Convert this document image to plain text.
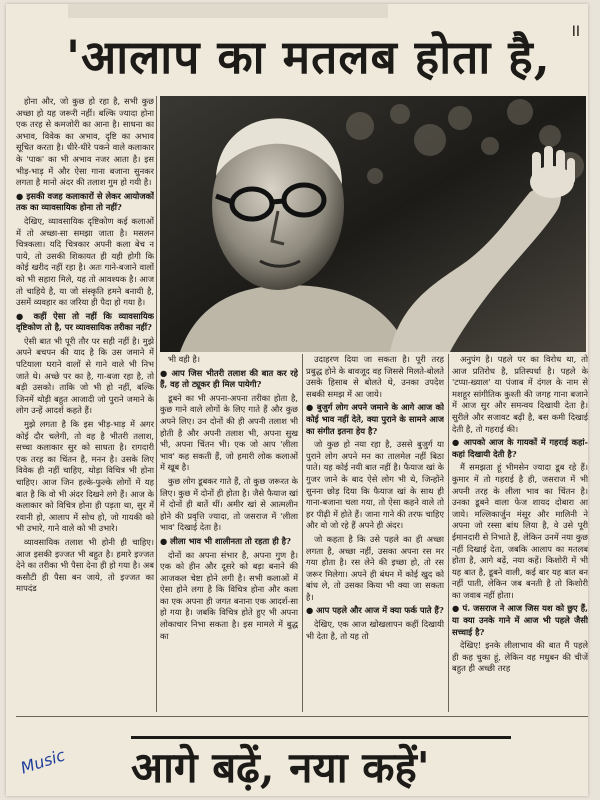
'आलाप का मतलब होता है,	II

होना और, जो कुछ हो रहा है, सभी कुछ अच्छा हो यह जरूरी नहीं। बल्कि ज्यादा होना एक तरह से कमजोरी का आना है। साधना का अभाव, विवेक का अभाव, दृष्टि का अभाव सूचित करता है। धीरे-धीरे पकने वाले कलाकार के 'पाक' का भी अभाव नजर आता है। इस भीड़-भाड़ में और ऐसा गाना बजाना सुनकर लगता है मानो अंदर की तलाश गुम हो गयी है।

● इसकी वजह कलाकारों से लेकर आयोजकों तक का व्यावसायिक होना तो नहीं?

देखिए, व्यावसायिक दृष्टिकोण कई कलाओं में तो अच्छा-सा समझा जाता है। मसलन चित्रकला। यदि चित्रकार अपनी कला बेच न पाये, तो उसकी शिकायत ही यही होगी कि कोई खरीद नहीं रहा है। अतः गाने-बजाने वालों को भी सहारा मिले, यह तो आवश्यक है। आज तो चाहिये है, या जो संस्कृति हमने बनायी है, उसमें व्यवहार का जरिया ही पैदा हो गया है।

● कहीं ऐसा तो नहीं कि व्यावसायिक दृष्टिकोण तो है, पर व्यावसायिक तरीका नहीं?

ऐसी बात भी पूरी तौर पर सही नहीं है। मुझे अपने बचपन की याद है कि उस जमाने में पटियाला घराने वालों से गाने वाले भी निभ जाते थे। अच्छे पर का है, गा-बजा रहा है, तो बड़ी उसको। ताकि जो भी हो नहीं, बल्कि जिनमें थोड़ी बहुत आजादी जो पुराने जमाने के लोग उन्हें आदर्श कहते हैं।

मुझे लगता है कि इस भीड़-भाड़ में अगर कोई दौर चलेगी, तो वह है भीतरी तलाश, सच्चा कलाकार सुर को साधता है। रागदारी एक तरह का चिंतन है, मनन है। उसके लिए विवेक ही नहीं चाहिए, थोड़ा विचित्र भी होना चाहिए। आज जिन हल्के-फुल्के लोगों में यह बात है कि वो भी अंदर दिखने लगे हैं। आज के कलाकार को विचित्र होना ही पड़ता था, सुर में रवानी हो, आलाप में सोच हो, जो गायकी को भी उभारे, गाने वाले को भी उभारे।

व्यावसायिक तलाश भी होनी ही चाहिए। आज इसकी इज्जत भी बहुत है। हमारे इज्जत देने का तरीका भी पैसा देना ही हो गया है। अब कसौटी ही पैसा बन जाये, तो इज्जत का मापदंड

भी वही है।

● आप जिस भीतरी तलाश की बात कर रहे हैं, वह तो ट्यूकर ही मिल पायेगी?

डूबने का भी अपना-अपना तरीका होता है, कुछ गाने वाले लोगों के लिए गाते हैं और कुछ अपने लिए। उन दोनों की ही अपनी तलाश भी होती है और अपनी तलाश भी, अपना सुख भी, अपना चिंतन भी। एक जो आप 'लीला भाव' कह सकती हैं, जो हमारी लोक कलाओं में खूब है।

कुछ लोग डूबकर गाते हैं, तो कुछ जरूरत के लिए। कुछ में दोनों ही होता है। जैसे फैयाज खां में दोनों ही बातें थीं। अमीर खां से आत्मलीन होने की प्रवृत्ति ज्यादा, तो जसराज में 'लीला भाव' दिखाई देता है।

● लीला भाव भी शालीनता तो रहता ही है?

दोनों का अपना संभार है, अपना गुण है। एक को हीन और दूसरे को बड़ा बनाने की आजकल चेष्टा होने लगी है। सभी कलाओं में ऐसा होने लगा है कि विचित्र होना और कला का एक अपना ही जगत बनाना एक आदर्श-सा हो गया है। जबकि विचित्र होते हुए भी अपना लोकाचार निभा सकता है। इस मामले में बुद्ध का

उदाहरण दिया जा सकता है। पूरी तरह प्रबुद्ध होने के बावजूद वह जिससे मिलते-बोलते उसके हिसाब से बोलते थे, उनका उपदेश सबकी समझ में आ जाये।

● बुजुर्ग लोग अपने जमाने के आगे आज को कोई भाव नहीं देते, क्या पुराने के सामने आज का संगीत इतना हेय है?

जो कुछ हो नया रहा है, उससे बुजुर्ग या पुराने लोग अपने मन का तालमेल नहीं बिठा पाते। यह कोई नयी बात नहीं है। फैयाज खां के गुजर जाने के बाद ऐसे लोग भी थे, जिन्होंने सुनना छोड़ दिया कि फैयाज खां के साथ ही गाना-बजाना चला गया, तो ऐसा कहने वाले तो हर पीढ़ी में होते हैं। जाना गाने की तरफ चाहिए और वो जो रहे हैं अपने ही अंदर।

जो कहता है कि उसे पहले का ही अच्छा लगता है, अच्छा नहीं, उसका अपना रस मर गया होता है। रस लेने की इच्छा हो, तो रस जरूर मिलेगा। अपने ही बंधन में कोई खुद को बांध ले, तो उसका किया भी क्या जा सकता है।

● आप पहले और आज में क्या फर्क पाते हैं?

देखिए, एक आज खोखलापन कहीं दिखायी भी देता है, तो यह तो

अनुपंग है। पहले पर का विरोध था, तो आज प्रतिरोध है, प्रतिस्पर्धा है। पहले के 'टप्पा-ख्याल' या पंजाब में दंगल के नाम से मशहूर सांगीतिक कुश्ती की जगह गाना बजाने में आज सुर और समन्वय दिखायी देता है। सुरीले और सजावट बढ़ी है, बस कमी दिखाई देती है, तो गहराई की।

● आपको आज के गायकों में गहराई कहां-कहां दिखायी देती है?

मैं समझता हूं भीमसेन ज्यादा डूब रहे हैं। कुमार में तो गहराई है ही, जसराज में भी अपनी तरह के लीला भाव का चिंतन है। उनका डूबने वाला फेज शायद दोबारा आ जाये। मल्लिकार्जुन मंसूर और मालिनी ने अपना जो रस्सा बांध लिया है, वे उसे पूरी ईमानदारी से निभाते हैं, लेकिन उनमें नया कुछ नहीं दिखाई देता, जबकि आलाप का मतलब होता है, आगे बढ़ें, नया कहें। किशोरी में भी यह बात है, डूबने वाली, कई बार यह बात बन नहीं पाती, लेकिन जब बनती है तो किशोरी का जवाब नहीं होता।

● पं. जसराज ने आज जिस यश को छुए हैं, या क्या उनके गाने में आज भी पहले जैसी सच्चाई है?

देखिए! इनके लीलाभाव की बात मैं पहले ही कह चुका हूं, लेकिन वह मधुबन की चीजें बहुत ही अच्छी तरह

आगे बढ़ें, नया कहें'
Music
